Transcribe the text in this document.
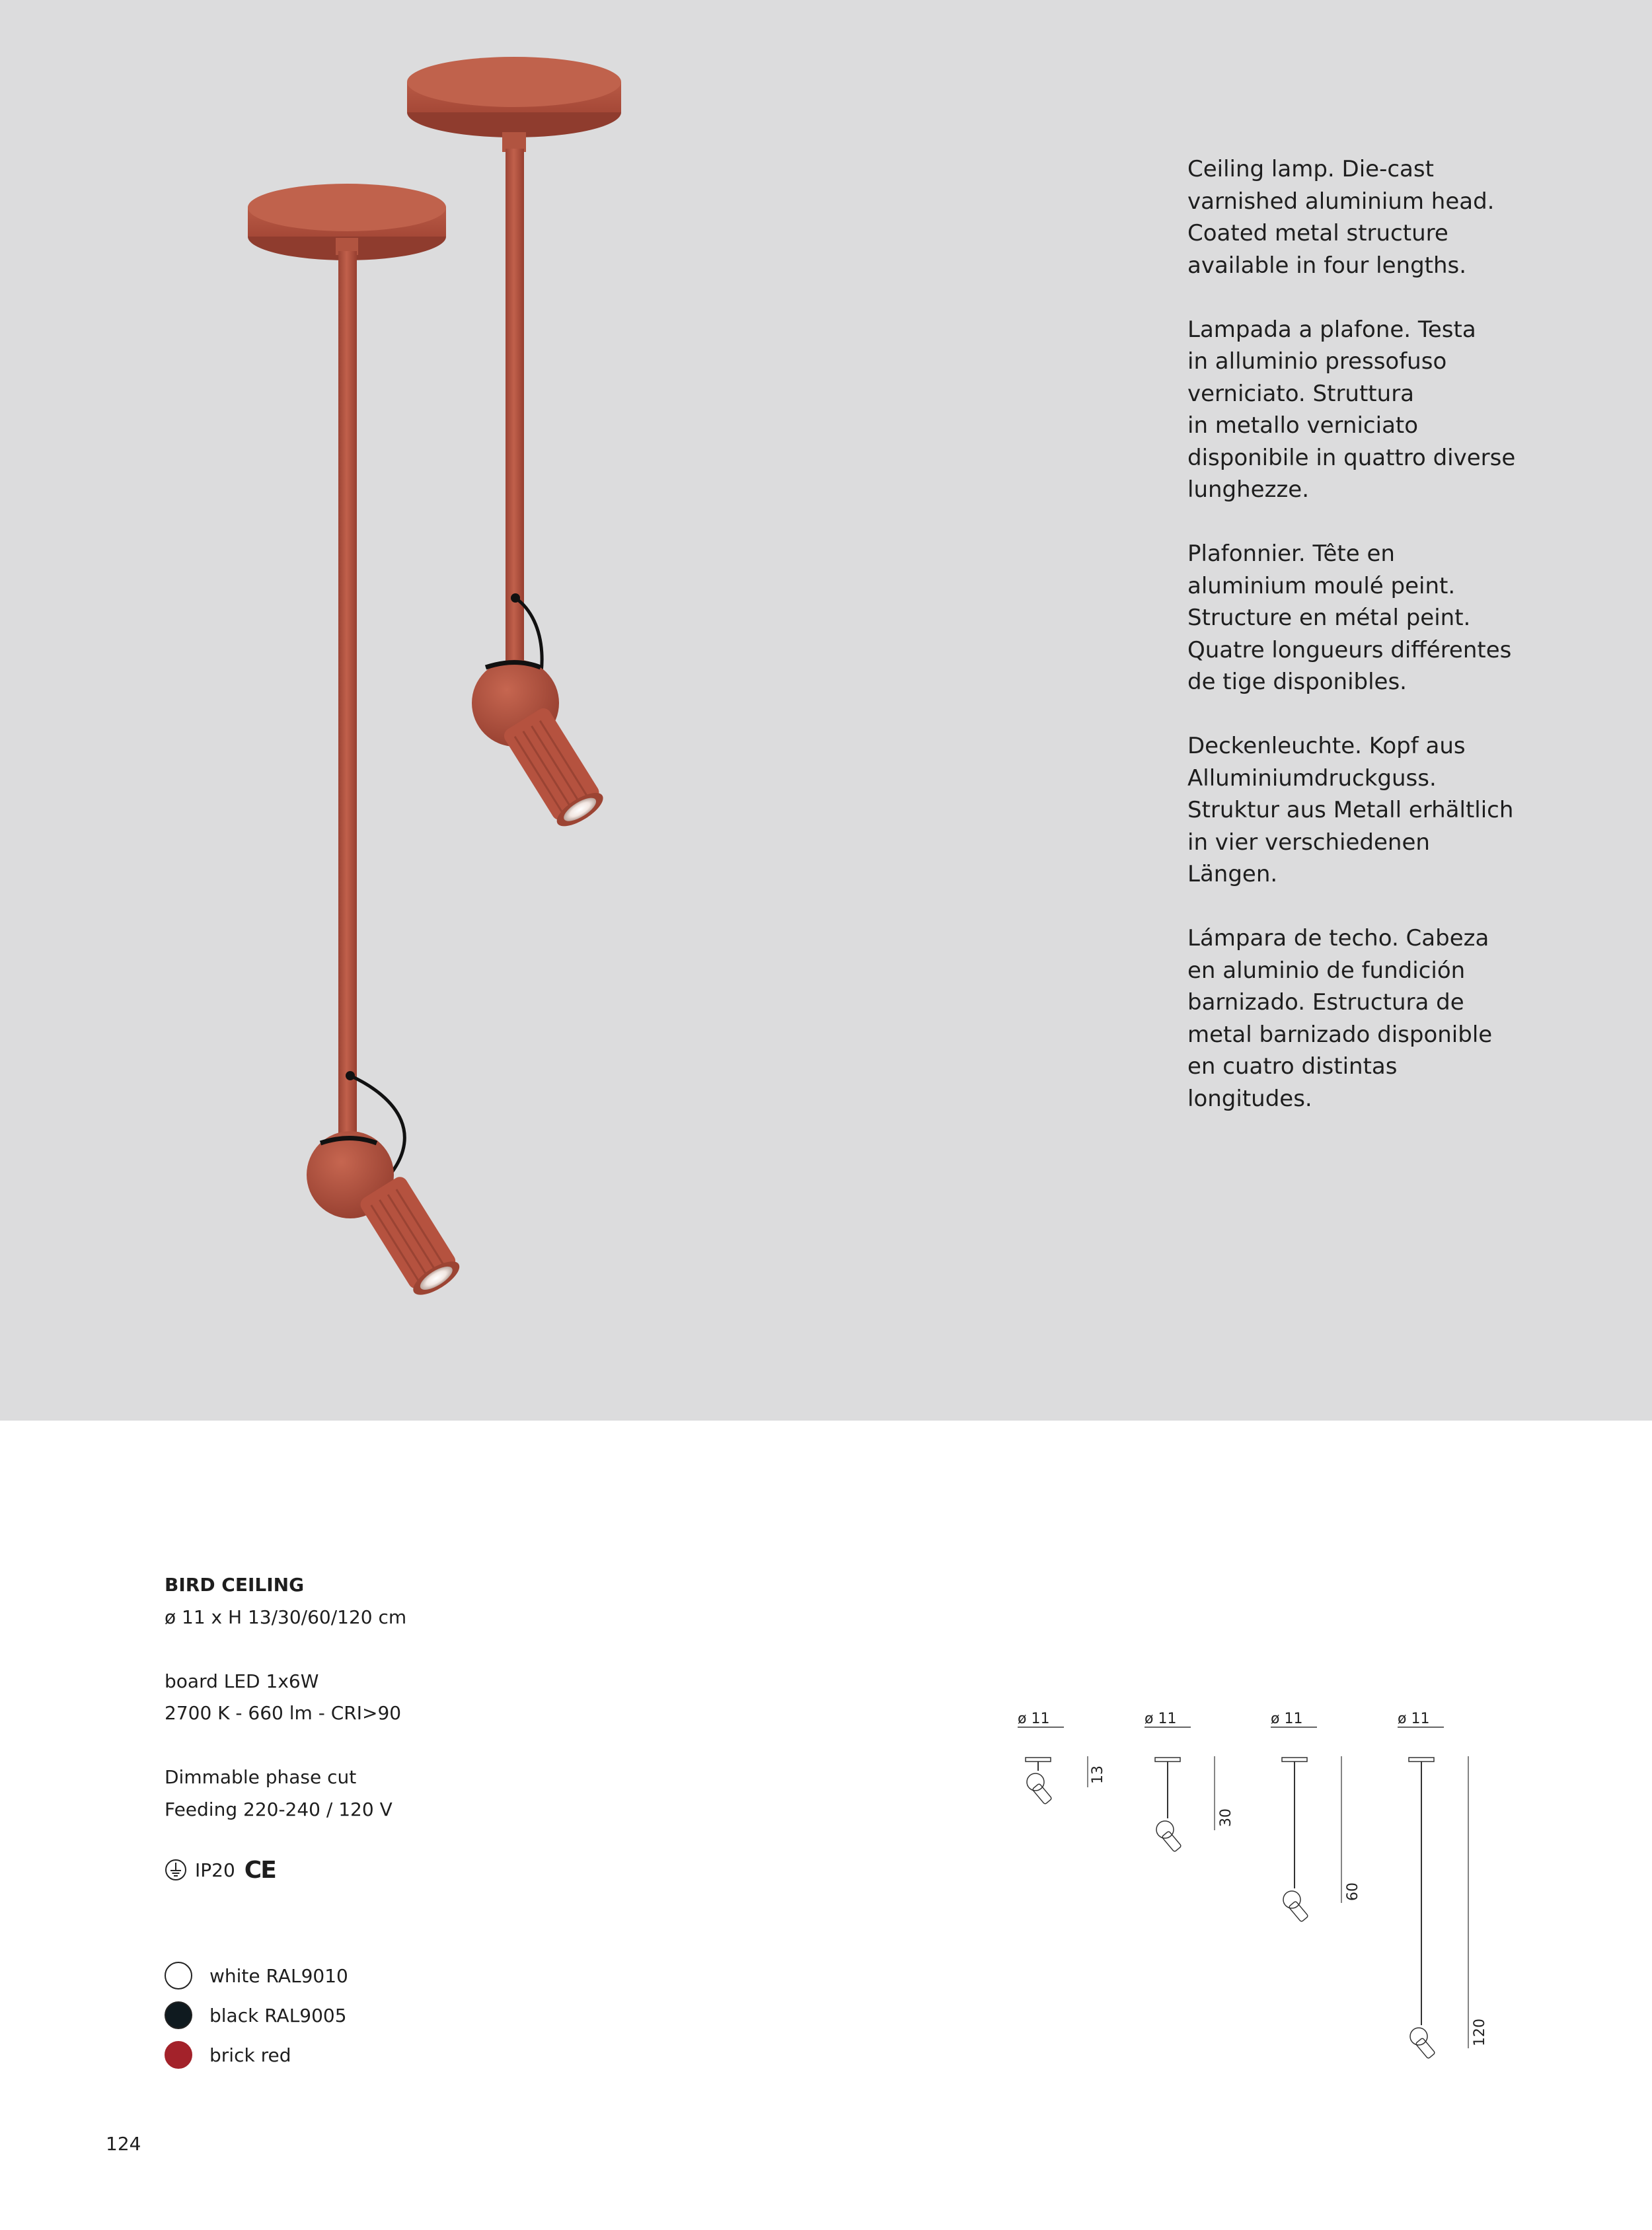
Ceiling lamp. Die-cast
varnished aluminium head.
Coated metal structure
available in four lengths.

Lampada a plafone. Testa
in alluminio pressofuso
verniciato. Struttura
in metallo verniciato
disponibile in quattro diverse
lunghezze.

Plafonnier. Tête en
aluminium moulé peint.
Structure en métal peint.
Quatre longueurs différentes
de tige disponibles.

Deckenleuchte. Kopf aus
Alluminiumdruckguss.
Struktur aus Metall erhältlich
in vier verschiedenen
Längen.

Lámpara de techo. Cabeza
en aluminio de fundición
barnizado. Estructura de
metal barnizado disponible
en cuatro distintas
longitudes.

BIRD CEILING
ø 11 x H 13/30/60/120 cm
board LED 1x6W
2700 K - 660 lm - CRI>90
Dimmable phase cut
Feeding 220-240 / 120 V
IP20 CE
white RAL9010
black RAL9005
brick red
ø 11
13
ø 11
30
ø 11
60
ø 11
120
124
